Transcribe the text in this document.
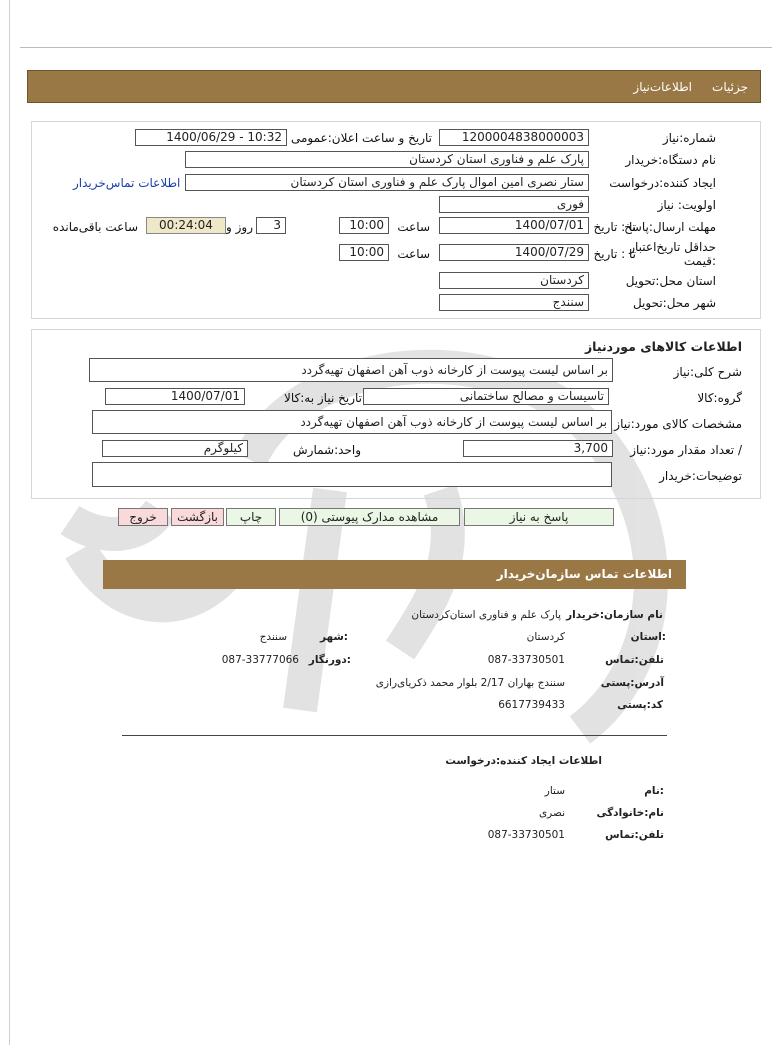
جزئیات
اطلاعات‌نیاز
شماره:نیاز
1200004838000003
تاریخ و ساعت اعلان:عمومی
1400/06/29 - 10:32
نام دستگاه:خریدار
پارک علم و فناوری استان کردستان
ایجاد کننده:درخواست
ستار نصری امین اموال پارک علم و فناوری استان کردستان
اطلاعات تماس‌خریدار
اولویت: نیاز
فوری
مهلت ارسال:پاسخ
تا : تاریخ
1400/07/01
ساعت
10:00
3
روز و
00:24:04
ساعت باقی‌مانده
حداقل تاریخ‌اعتبار
:قیمت
تا : تاریخ
1400/07/29
ساعت
10:00
استان محل:تحویل
کردستان
شهر محل:تحویل
سنندج
اطلاعات کالاهای موردنیاز
شرح کلی:نیاز
بر اساس لیست پیوست از کارخانه ذوب آهن اصفهان تهیه‌گردد
گروه:کالا
تاسیسات و مصالح ساختمانی
تاریخ نیاز به:کالا
1400/07/01
مشخصات کالای مورد:نیاز
بر اساس لیست پیوست از کارخانه ذوب آهن اصفهان تهیه‌گردد
/ تعداد مقدار مورد:نیاز
3,700
واحد:شمارش
کیلوگرم
توضیحات:خریدار
پاسخ به نیاز
مشاهده مدارک پیوستی (0)
چاپ
بازگشت
خروج
اطلاعات تماس سازمان‌خریدار
نام سازمان:خریدار
پارک علم و فناوری استان‌کردستان
:استان
کردستان
:شهر
سنندج
تلفن:تماس
087-33730501
:دورنگار
087-33777066
آدرس:پستی
سنندج بهاران 2/17 بلوار محمد ذکریای‌رازی
کد:پستی
6617739433
اطلاعات ایجاد کننده:درخواست
:نام
ستار
نام:خانوادگی
نصری
تلفن:تماس
087-33730501
